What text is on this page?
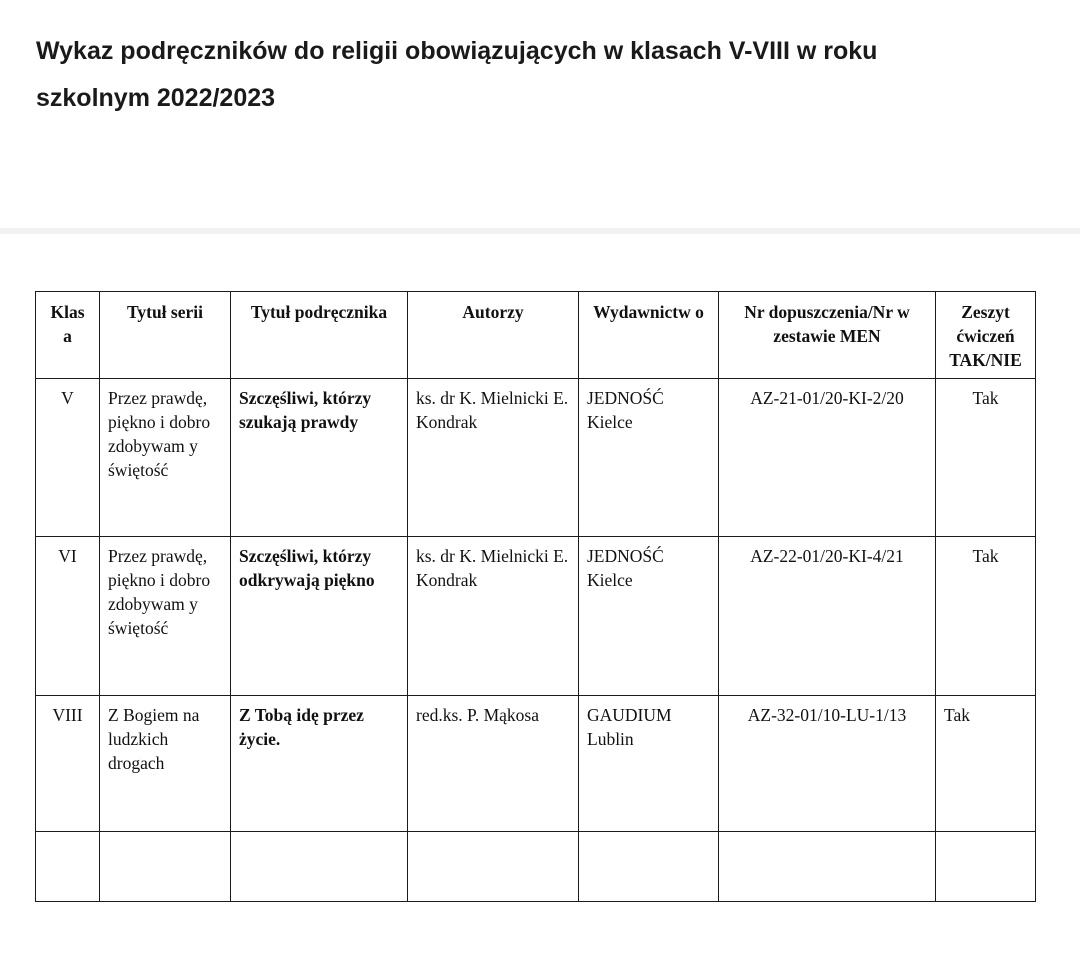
Wykaz podręczników do religii obowiązujących w klasach V-VIII w roku szkolnym 2022/2023
Klas a	Tytuł serii	Tytuł podręcznika	Autorzy	Wydawnictw o	Nr dopuszczenia/Nr w zestawie MEN	Zeszyt ćwiczeń TAK/NIE
V	Przez prawdę, piękno i dobro zdobywam y świętość	Szczęśliwi, którzy szukają prawdy	ks. dr K. Mielnicki E. Kondrak	JEDNOŚĆ Kielce	AZ-21-01/20-KI-2/20	Tak
VI	Przez prawdę, piękno i dobro zdobywam y świętość	Szczęśliwi, którzy odkrywają piękno	ks. dr K. Mielnicki E. Kondrak	JEDNOŚĆ Kielce	AZ-22-01/20-KI-4/21	Tak
VIII	Z Bogiem na ludzkich drogach	Z Tobą idę przez życie.	red.ks. P. Mąkosa	GAUDIUM Lublin	AZ-32-01/10-LU-1/13	Tak
